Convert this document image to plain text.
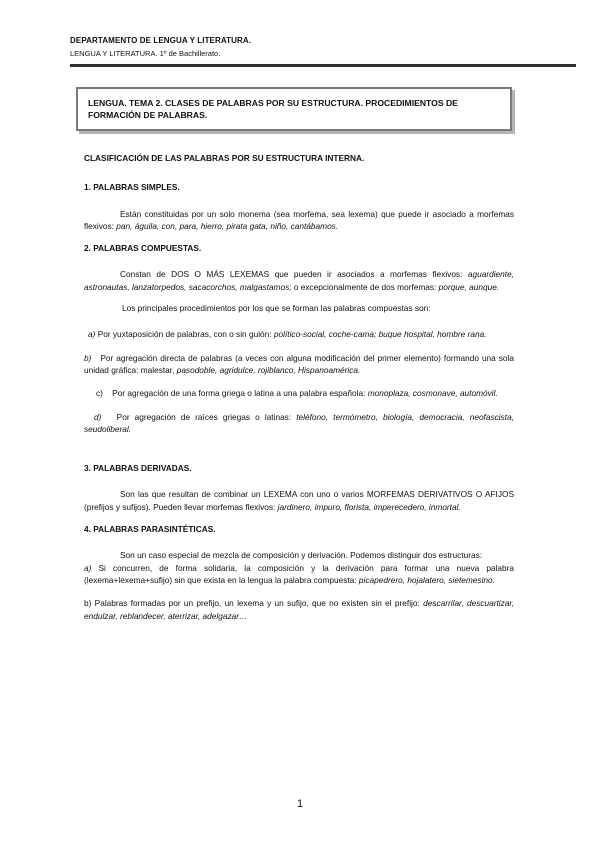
DEPARTAMENTO DE LENGUA Y LITERATURA.
LENGUA Y LITERATURA. 1º de Bachillerato.

LENGUA. TEMA 2. CLASES DE PALABRAS POR SU ESTRUCTURA. PROCEDIMIENTOS DE

FORMACIÓN DE PALABRAS.

CLASIFICACIÓN DE LAS PALABRAS POR SU ESTRUCTURA INTERNA.

1. PALABRAS SIMPLES.

Están constituidas por un solo monema (sea morfema, sea lexema) que puede ir asociado a morfemas flexivos: pan, águila, con, para, hierro, pirata gata, niño, cantábamos.

2. PALABRAS COMPUESTAS.

Constan de DOS O MÁS LEXEMAS que pueden ir asociados a morfemas flexivos: aguardiente, astronautas, lanzatorpedos, sacacorchos, malgastamos; o excepcionalmente de dos morfemas: porque, aunque.

Los principales procedimientos por los que se forman las palabras compuestas son:

a) Por yuxtaposición de palabras, con o sin guión: político-social, coche-cama; buque hospital, hombre rana.

b) Por agregación directa de palabras (a veces con alguna modificación del primer elemento) formando una sola unidad gráfica: malestar, pasodoble, agridulce, rojiblanco, Hispanoamérica.

c) Por agregación de una forma griega o latina a una palabra española: monoplaza, cosmonave, automóvil.

d) Por agregación de raíces griegas o latinas: teléfono, termómetro, biología, democracia, neofascista, seudoliberal.

3. PALABRAS DERIVADAS.

Son las que resultan de combinar un LEXEMA con uno o varios MORFEMAS DERIVATIVOS O AFIJOS (prefijos y sufijos). Pueden llevar morfemas flexivos: jardinero, impuro, florista, imperecedero, inmortal.

4. PALABRAS PARASINTÉTICAS.

Son un caso especial de mezcla de composición y derivación. Podemos distinguir dos estructuras:

a) Si concurren, de forma solidaria, la composición y la derivación para formar una nueva palabra (lexema+lexema+sufijo) sin que exista en la lengua la palabra compuesta: picapedrero, hojalatero, sietemesino.

b) Palabras formadas por un prefijo, un lexema y un sufijo, que no existen sin el prefijo: descarrilar, descuartizar, endulzar, reblandecer, aterrizar, adelgazar…

1
